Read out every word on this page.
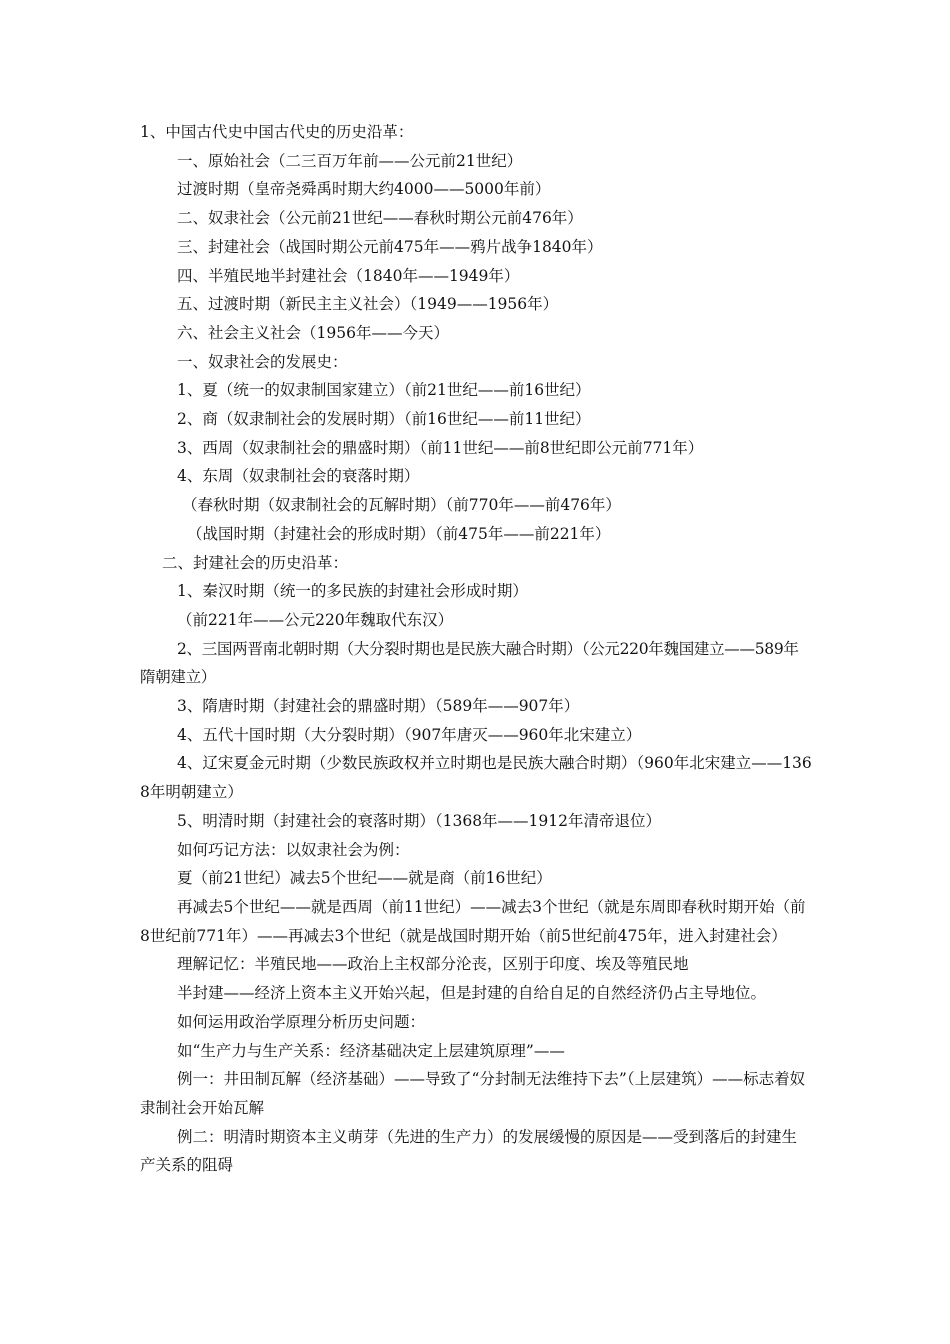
1、中国古代史中国古代史的历史沿革：

一、原始社会（二三百万年前——公元前21世纪）

过渡时期（皇帝尧舜禹时期大约4000——5000年前）

二、奴隶社会（公元前21世纪——春秋时期公元前476年）

三、封建社会（战国时期公元前475年——鸦片战争1840年）

四、半殖民地半封建社会（1840年——1949年）

五、过渡时期（新民主主义社会）（1949——1956年）

六、社会主义社会（1956年——今天）

一、奴隶社会的发展史：

1、夏（统一的奴隶制国家建立）（前21世纪——前16世纪）

2、商（奴隶制社会的发展时期）（前16世纪——前11世纪）

3、西周（奴隶制社会的鼎盛时期）（前11世纪——前8世纪即公元前771年）

4、东周（奴隶制社会的衰落时期）

（春秋时期（奴隶制社会的瓦解时期）（前770年——前476年）

（战国时期（封建社会的形成时期）（前475年——前221年）

二、封建社会的历史沿革：

1、秦汉时期（统一的多民族的封建社会形成时期）

（前221年——公元220年魏取代东汉）

2、三国两晋南北朝时期（大分裂时期也是民族大融合时期）（公元220年魏国建立——589年隋朝建立）

3、隋唐时期（封建社会的鼎盛时期）（589年——907年）

4、五代十国时期（大分裂时期）（907年唐灭——960年北宋建立）

4、辽宋夏金元时期（少数民族政权并立时期也是民族大融合时期）（960年北宋建立——1368年明朝建立）

5、明清时期（封建社会的衰落时期）（1368年——1912年清帝退位）

如何巧记方法：以奴隶社会为例：

夏（前21世纪）减去5个世纪——就是商（前16世纪）

再减去5个世纪——就是西周（前11世纪）——减去3个世纪（就是东周即春秋时期开始（前8世纪前771年）——再减去3个世纪（就是战国时期开始（前5世纪前475年，进入封建社会）

理解记忆：半殖民地——政治上主权部分沦丧，区别于印度、埃及等殖民地

半封建——经济上资本主义开始兴起，但是封建的自给自足的自然经济仍占主导地位。

如何运用政治学原理分析历史问题：

如“生产力与生产关系：经济基础决定上层建筑原理”——

例一：井田制瓦解（经济基础）——导致了“分封制无法维持下去”（上层建筑）——标志着奴隶制社会开始瓦解

例二：明清时期资本主义萌芽（先进的生产力）的发展缓慢的原因是——受到落后的封建生产关系的阻碍
